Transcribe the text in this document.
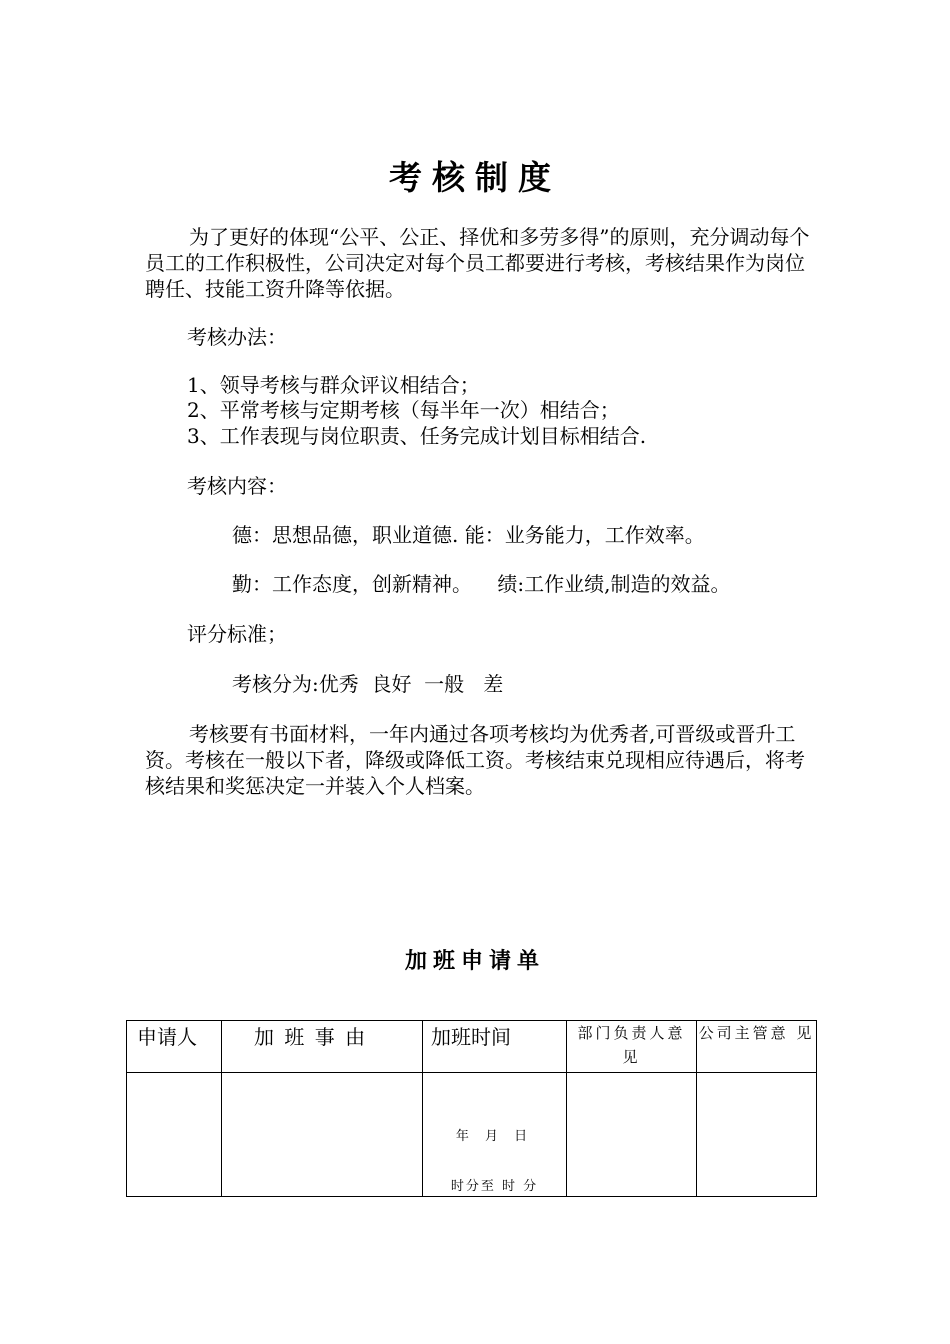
考核制度

为了更好的体现“公平、公正、择优和多劳多得”的原则，充分调动每个员工的工作积极性，公司决定对每个员工都要进行考核，考核结果作为岗位聘任、技能工资升降等依据。

考核办法：

1、领导考核与群众评议相结合；

2、平常考核与定期考核（每半年一次）相结合；

3、工作表现与岗位职责、任务完成计划目标相结合.

考核内容：

德：思想品德，职业道德. 能：业务能力，工作效率。

勤：工作态度，创新精神。    绩:工作业绩,制造的效益。

评分标准；

考核分为:优秀  良好  一般   差

考核要有书面材料，一年内通过各项考核均为优秀者,可晋级或晋升工资。考核在一般以下者，降级或降低工资。考核结束兑现相应待遇后，将考核结果和奖惩决定一并装入个人档案。

加班申请单
申请人	加 班 事 由	加班时间	部门负责人意 见	公司主管意 见

		年 月 日
时分至 时 分		
